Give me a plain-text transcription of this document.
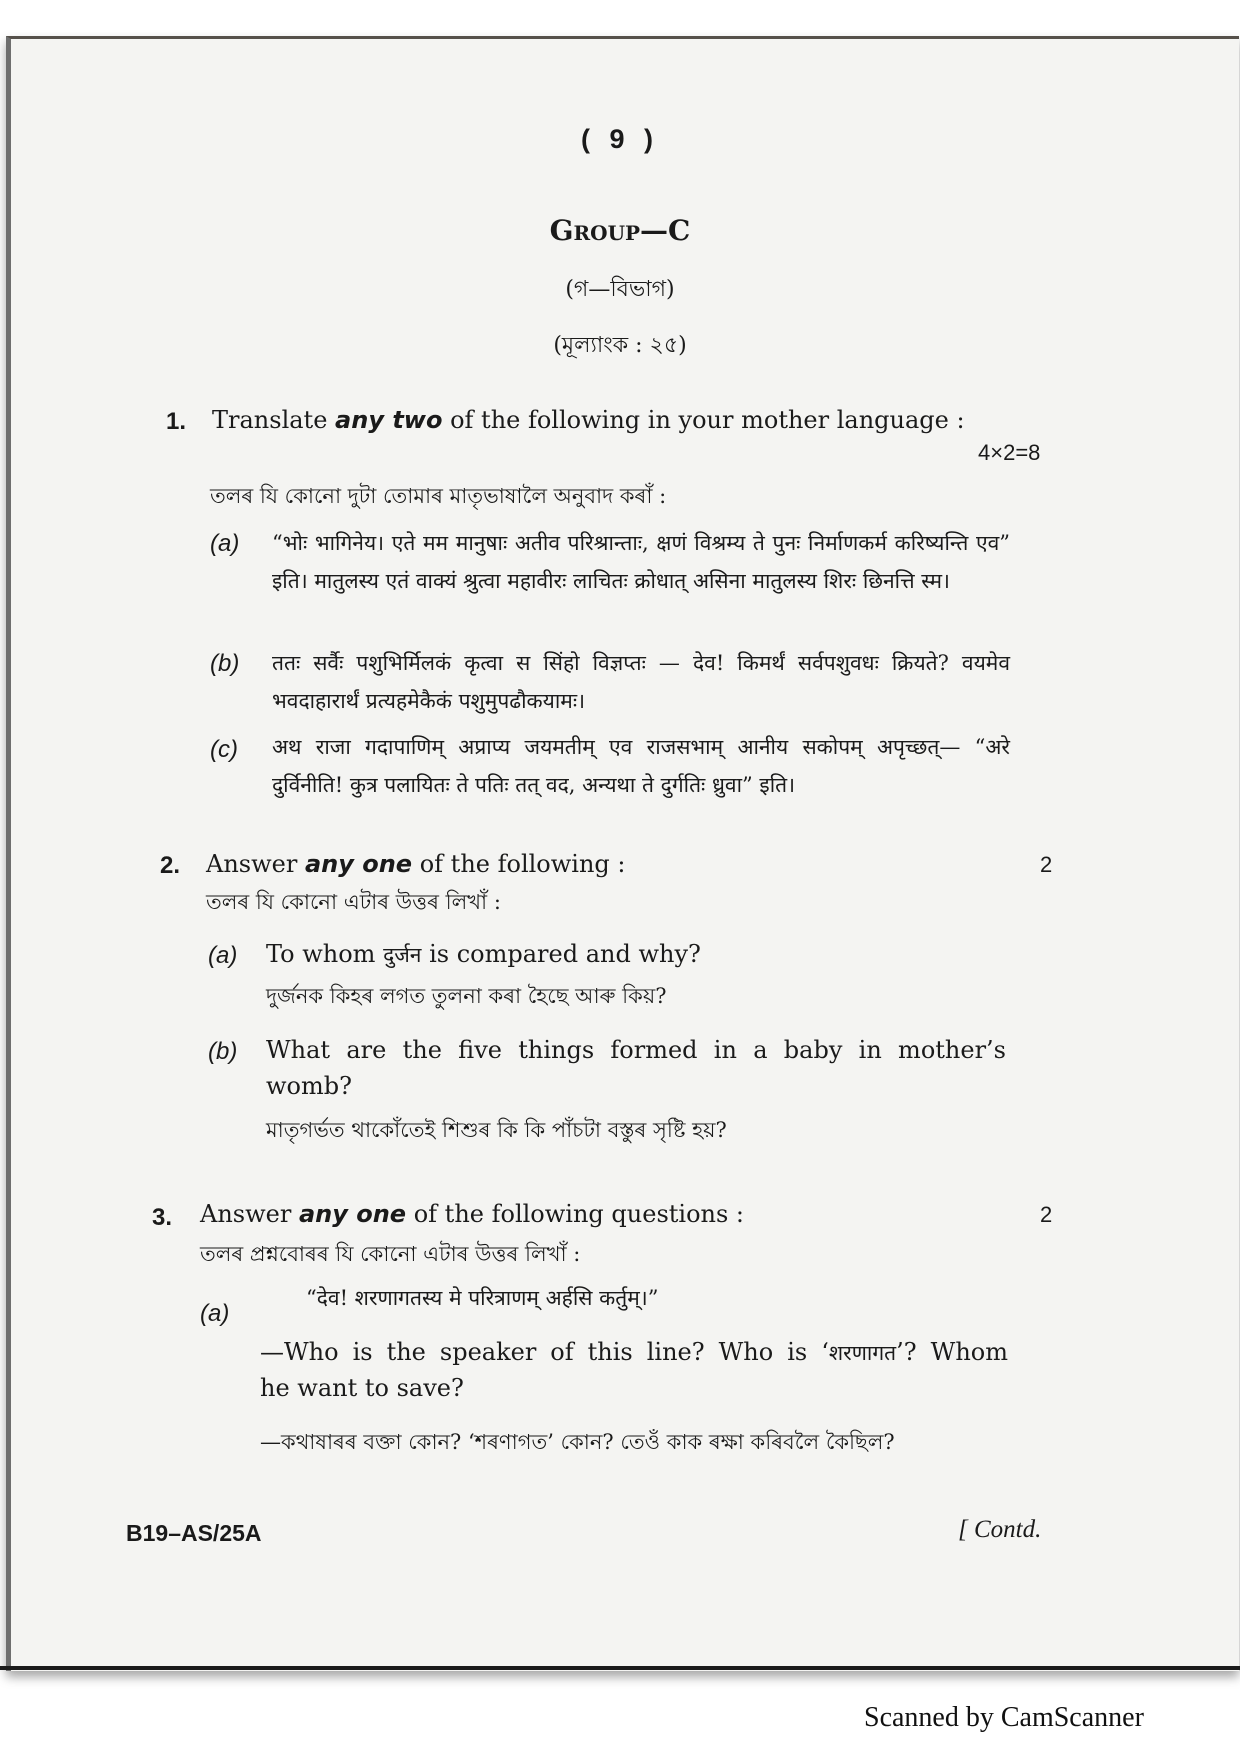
( 9 )

Group—C

(গ—বিভাগ)

(মূল্যাংক : ২৫)

1. Translate any two of the following in your mother language :

4×2=8

তলৰ যি কোনো দুটা তোমাৰ মাতৃভাষালৈ অনুবাদ কৰাঁ :

(a) “भोः भागिनेय। एते मम मानुषाः अतीव परिश्रान्ताः, क्षणं विश्रम्य ते पुनः निर्माणकर्म करिष्यन्ति एव” इति। मातुलस्य एतं वाक्यं श्रुत्वा महावीरः लाचितः क्रोधात् असिना मातुलस्य शिरः छिनत्ति स्म।

(b) ततः सर्वैः पशुभिर्मिलकं कृत्वा स सिंहो विज्ञप्तः — देव! किमर्थं सर्वपशुवधः क्रियते? वयमेव भवदाहारार्थं प्रत्यहमेकैकं पशुमुपढौकयामः।

(c) अथ राजा गदापाणिम् अप्राप्य जयमतीम् एव राजसभाम् आनीय सकोपम् अपृच्छत्— “अरे दुर्विनीति! कुत्र पलायितः ते पतिः तत् वद, अन्यथा ते दुर्गतिः ध्रुवा” इति।

2. Answer any one of the following :	2

তলৰ যি কোনো এটাৰ উত্তৰ লিখাঁ :

(a) To whom दुर्जन is compared and why?

দুৰ্জনক কিহৰ লগত তুলনা কৰা হৈছে আৰু কিয়?

(b) What are the five things formed in a baby in mother’s

womb?

মাতৃগৰ্ভত থাকোঁতেই শিশুৰ কি কি পাঁচটা বস্তুৰ সৃষ্টি হয়?

3. Answer any one of the following questions :	2

তলৰ প্ৰশ্নবোৰৰ যি কোনো এটাৰ উত্তৰ লিখাঁ :

(a)

“देव! शरणागतस्य मे परित्राणम् अर्हसि कर्तुम्।”

—Who is the speaker of this line? Who is ‘शरणागत’? Whom

he want to save?

—কথাষাৰৰ বক্তা কোন? ‘শৰণাগত’ কোন? তেওঁ কাক ৰক্ষা কৰিবলৈ কৈছিল?

B19–AS/25A	[ Contd.

Scanned by CamScanner
